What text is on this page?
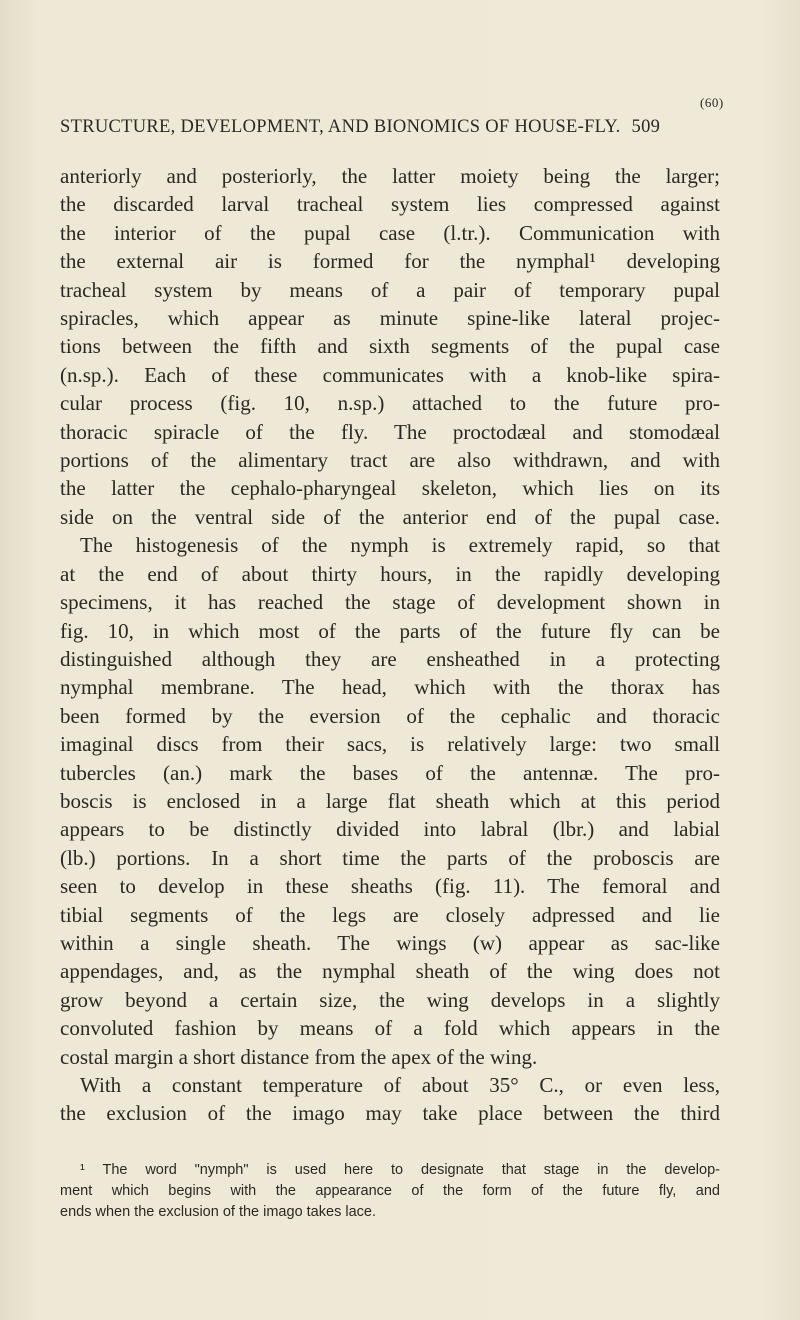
(60)
STRUCTURE, DEVELOPMENT, AND BIONOMICS OF HOUSE-FLY. 509
anteriorly and posteriorly, the latter moiety being the larger;
the discarded larval tracheal system lies compressed against
the interior of the pupal case (l.tr.). Communication with
the external air is formed for the nymphal¹ developing
tracheal system by means of a pair of temporary pupal
spiracles, which appear as minute spine-like lateral projec-
tions between the fifth and sixth segments of the pupal case
(n.sp.). Each of these communicates with a knob-like spira-
cular process (fig. 10, n.sp.) attached to the future pro-
thoracic spiracle of the fly. The proctodæal and stomodæal
portions of the alimentary tract are also withdrawn, and with
the latter the cephalo-pharyngeal skeleton, which lies on its
side on the ventral side of the anterior end of the pupal case.
The histogenesis of the nymph is extremely rapid, so that
at the end of about thirty hours, in the rapidly developing
specimens, it has reached the stage of development shown in
fig. 10, in which most of the parts of the future fly can be
distinguished although they are ensheathed in a protecting
nymphal membrane. The head, which with the thorax has
been formed by the eversion of the cephalic and thoracic
imaginal discs from their sacs, is relatively large: two small
tubercles (an.) mark the bases of the antennæ. The pro-
boscis is enclosed in a large flat sheath which at this period
appears to be distinctly divided into labral (lbr.) and labial
(lb.) portions. In a short time the parts of the proboscis are
seen to develop in these sheaths (fig. 11). The femoral and
tibial segments of the legs are closely adpressed and lie
within a single sheath. The wings (w) appear as sac-like
appendages, and, as the nymphal sheath of the wing does not
grow beyond a certain size, the wing develops in a slightly
convoluted fashion by means of a fold which appears in the
costal margin a short distance from the apex of the wing.
With a constant temperature of about 35° C., or even less,
the exclusion of the imago may take place between the third
¹ The word "nymph" is used here to designate that stage in the develop-
ment which begins with the appearance of the form of the future fly, and
ends when the exclusion of the imago takes lace.
